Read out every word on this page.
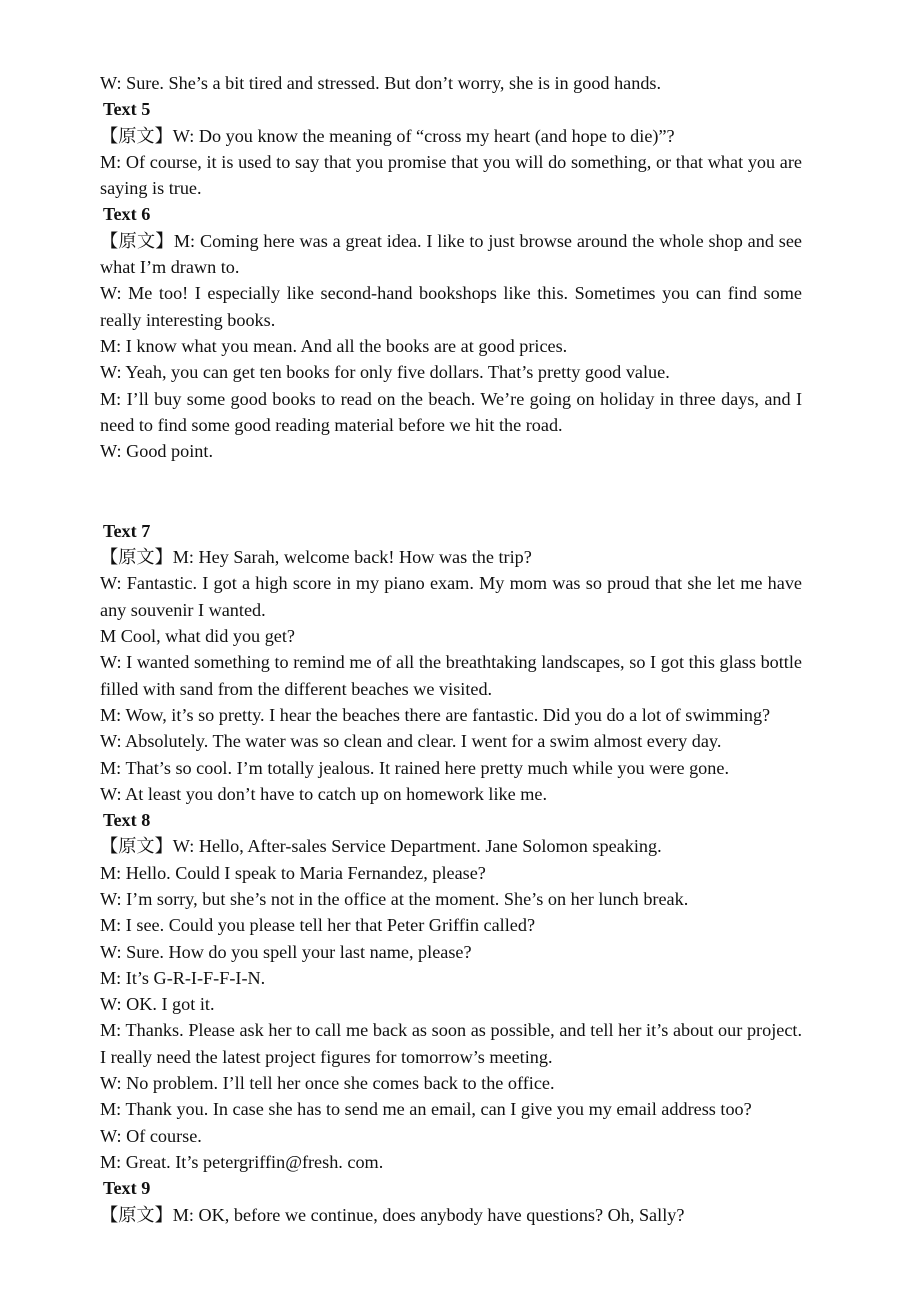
W: Sure. She’s a bit tired and stressed. But don’t worry, she is in good hands.

Text 5

【原文】W: Do you know the meaning of “cross my heart (and hope to die)”?

M: Of course, it is used to say that you promise that you will do something, or that what you are saying is true.

Text 6

【原文】M: Coming here was a great idea. I like to just browse around the whole shop and see what I’m drawn to.

W: Me too! I especially like second-hand bookshops like this. Sometimes you can find some really interesting books.

M: I know what you mean. And all the books are at good prices.

W: Yeah, you can get ten books for only five dollars. That’s pretty good value.

M: I’ll buy some good books to read on the beach. We’re going on holiday in three days, and I need to find some good reading material before we hit the road.

W: Good point.

Text 7

【原文】M: Hey Sarah, welcome back! How was the trip?

W: Fantastic. I got a high score in my piano exam. My mom was so proud that she let me have any souvenir I wanted.

M Cool, what did you get?

W: I wanted something to remind me of all the breathtaking landscapes, so I got this glass bottle filled with sand from the different beaches we visited.

M: Wow, it’s so pretty. I hear the beaches there are fantastic. Did you do a lot of swimming?

W: Absolutely. The water was so clean and clear. I went for a swim almost every day.

M: That’s so cool. I’m totally jealous. It rained here pretty much while you were gone.

W: At least you don’t have to catch up on homework like me.

Text 8

【原文】W: Hello, After-sales Service Department. Jane Solomon speaking.

M: Hello. Could I speak to Maria Fernandez, please?

W: I’m sorry, but she’s not in the office at the moment. She’s on her lunch break.

M: I see. Could you please tell her that Peter Griffin called?

W: Sure. How do you spell your last name, please?

M: It’s G-R-I-F-F-I-N.

W: OK. I got it.

M: Thanks. Please ask her to call me back as soon as possible, and tell her it’s about our project. I really need the latest project figures for tomorrow’s meeting.

W: No problem. I’ll tell her once she comes back to the office.

M: Thank you. In case she has to send me an email, can I give you my email address too?

W: Of course.

M: Great. It’s petergriffin@fresh. com.

Text 9

【原文】M: OK, before we continue, does anybody have questions? Oh, Sally?
